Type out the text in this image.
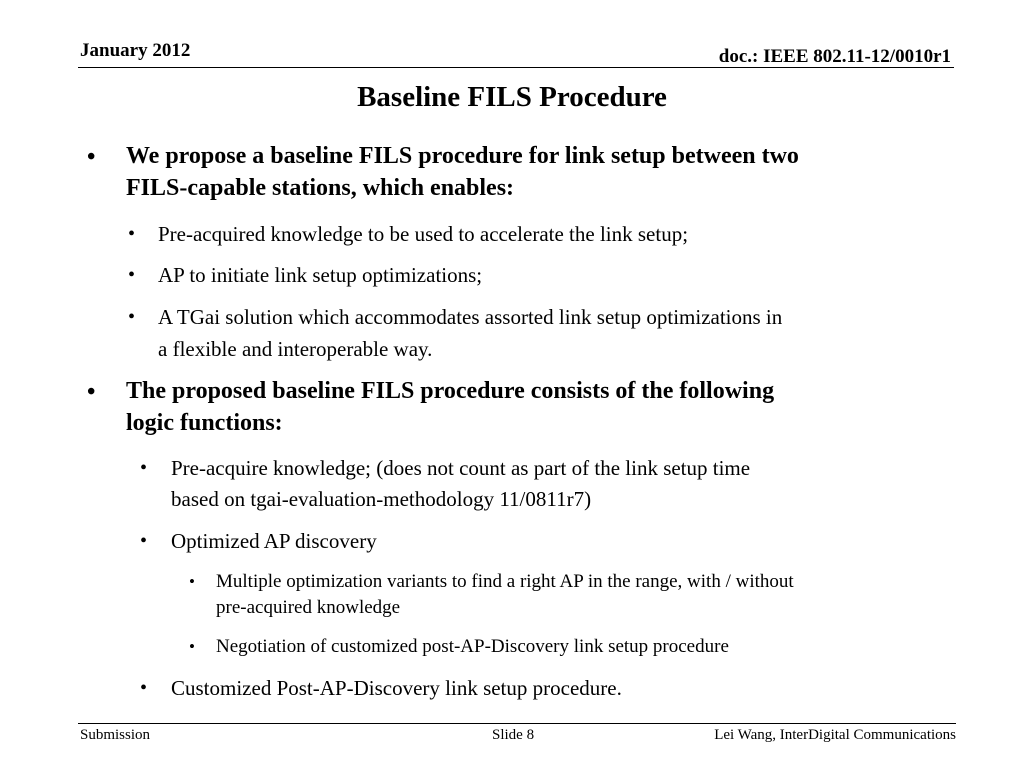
January 2012	doc.: IEEE 802.11-12/0010r1
Baseline FILS Procedure
• We propose a baseline FILS procedure for link setup between two
FILS-capable stations, which enables:
• Pre-acquired knowledge to be used to accelerate the link setup;
• AP to initiate link setup optimizations;
• A TGai solution which accommodates assorted link setup optimizations in
a flexible and interoperable way.
• The proposed baseline FILS procedure consists of the following
logic functions:
• Pre-acquire knowledge; (does not count as part of the link setup time
based on tgai-evaluation-methodology 11/0811r7)
• Optimized AP discovery
• Multiple optimization variants to find a right AP in the range, with / without
pre-acquired knowledge
• Negotiation of customized post-AP-Discovery link setup procedure
• Customized Post-AP-Discovery link setup procedure.
Submission	Slide 8	Lei Wang, InterDigital Communications
